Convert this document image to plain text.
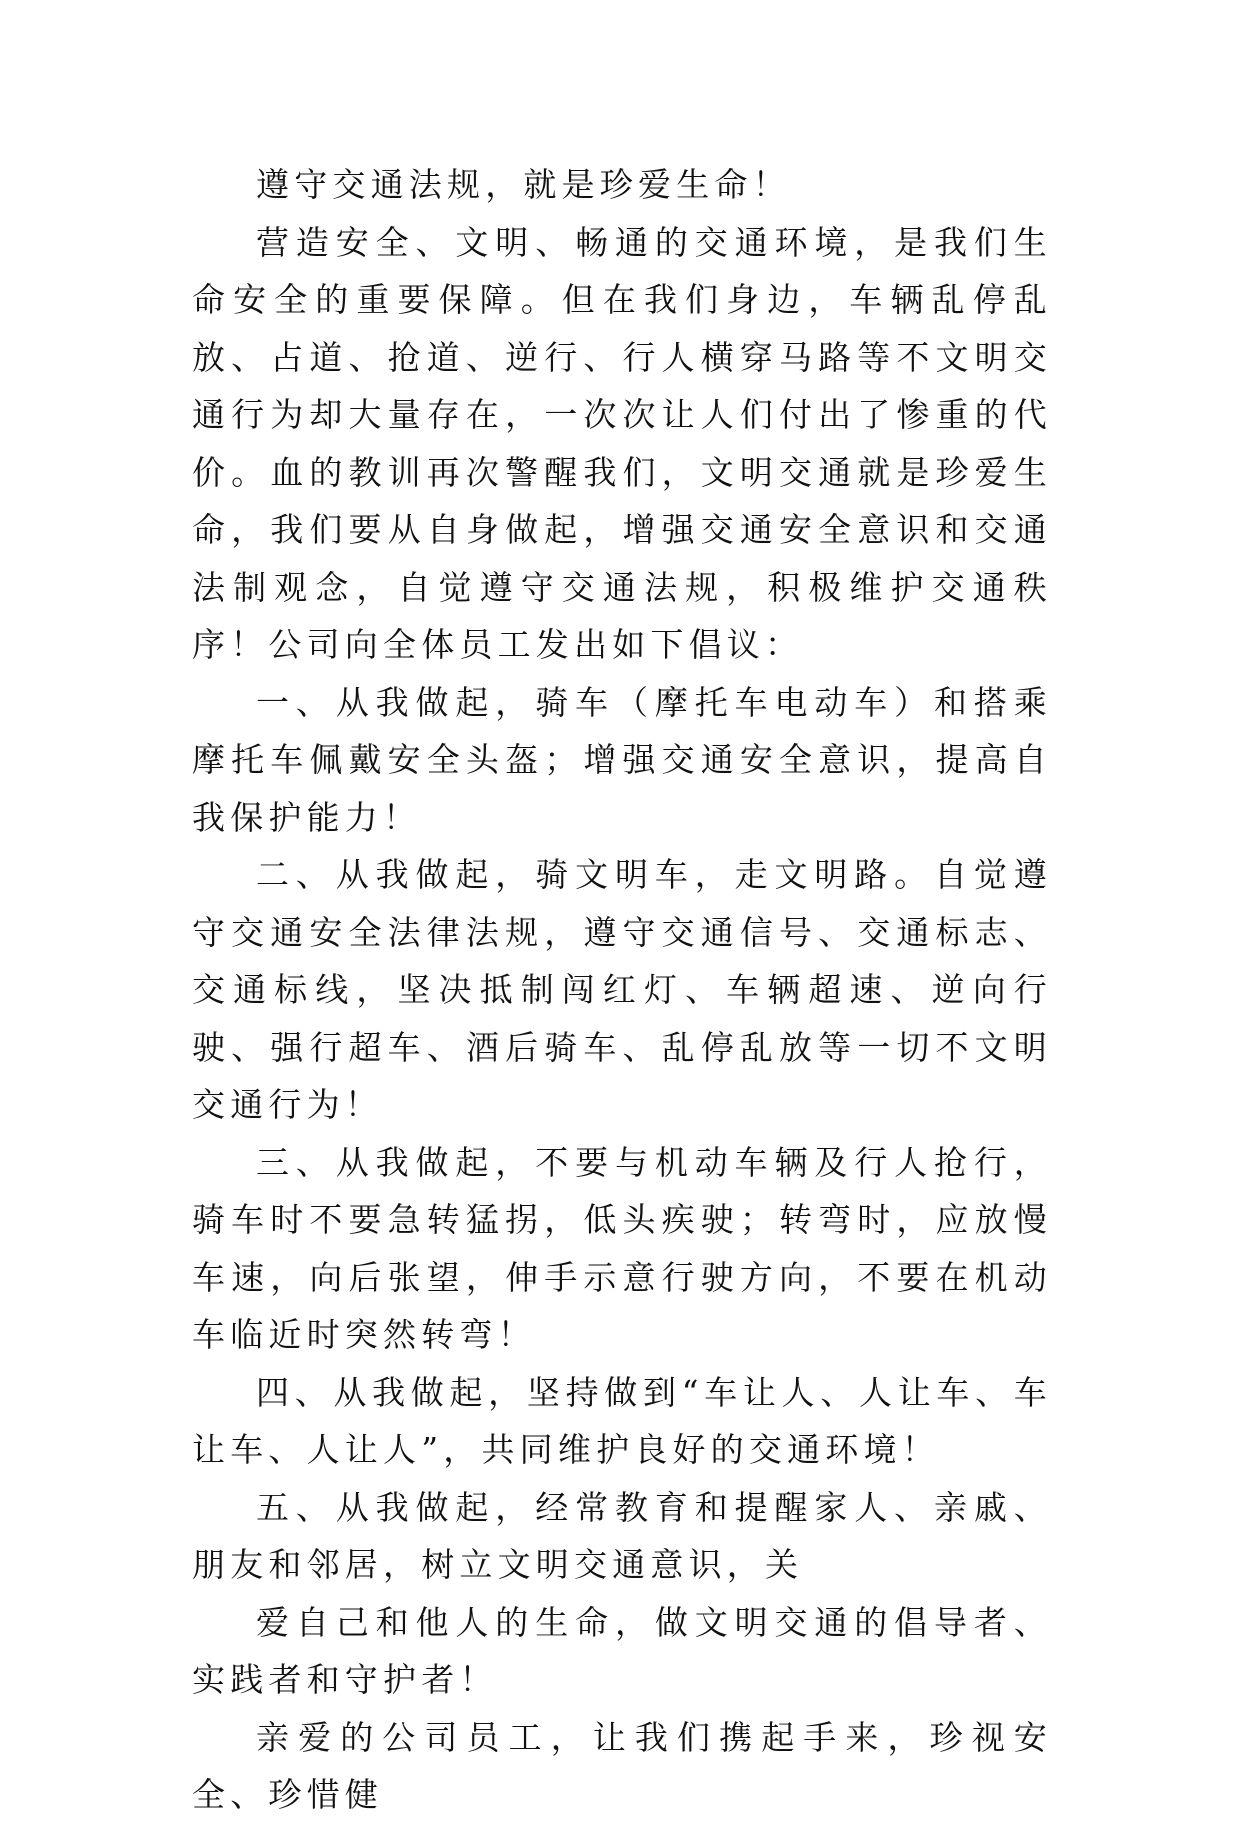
遵守交通法规，就是珍爱生命！

营造安全、文明、畅通的交通环境，是我们生命安全的重要保障。但在我们身边，车辆乱停乱放、占道、抢道、逆行、行人横穿马路等不文明交通行为却大量存在，一次次让人们付出了惨重的代价。血的教训再次警醒我们，文明交通就是珍爱生命，我们要从自身做起，增强交通安全意识和交通法制观念，自觉遵守交通法规，积极维护交通秩序！公司向全体员工发出如下倡议：

一、从我做起，骑车（摩托车电动车）和搭乘摩托车佩戴安全头盔；增强交通安全意识，提高自我保护能力！

二、从我做起，骑文明车，走文明路。自觉遵守交通安全法律法规，遵守交通信号、交通标志、交通标线，坚决抵制闯红灯、车辆超速、逆向行驶、强行超车、酒后骑车、乱停乱放等一切不文明交通行为！

三、从我做起，不要与机动车辆及行人抢行，骑车时不要急转猛拐，低头疾驶；转弯时，应放慢车速，向后张望，伸手示意行驶方向，不要在机动车临近时突然转弯！

四、从我做起，坚持做到“车让人、人让车、车让车、人让人”，共同维护良好的交通环境！

五、从我做起，经常教育和提醒家人、亲戚、朋友和邻居，树立文明交通意识，关

爱自己和他人的生命，做文明交通的倡导者、实践者和守护者！

亲爱的公司员工，让我们携起手来，珍视安全、珍惜健
